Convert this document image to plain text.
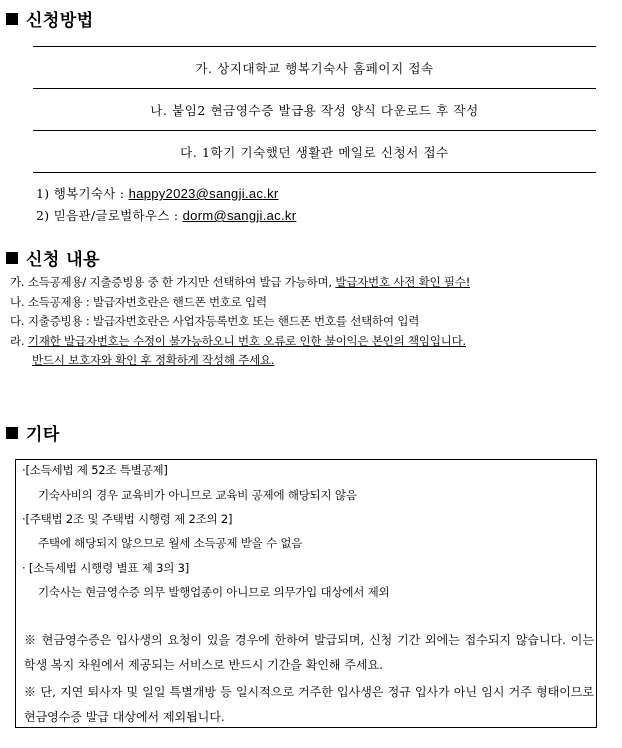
신청방법
가. 상지대학교 행복기숙사 홈페이지 접속
나. 붙임2 현금영수증 발급용 작성 양식 다운로드 후 작성
다. 1학기 기숙했던 생활관 메일로 신청서 접수
1) 행복기숙사 : happy2023@sangji.ac.kr
2) 믿음관/글로벌하우스 : dorm@sangji.ac.kr
신청 내용
가. 소득공제용/ 지출증빙용 중 한 가지만 선택하여 발급 가능하며, 발급자번호 사전 확인 필수!
나. 소득공제용 : 발급자번호란은 핸드폰 번호로 입력
다. 지출증빙용 : 발급자번호란은 사업자등록번호 또는 핸드폰 번호를 선택하여 입력
라. 기재한 발급자번호는 수정이 불가능하오니 번호 오류로 인한 불이익은 본인의 책임입니다.
반드시 보호자와 확인 후 정확하게 작성해 주세요.
기타
·[소득세법 제 52조 특별공제]
기숙사비의 경우 교육비가 아니므로 교육비 공제에 해당되지 않음
·[주택법 2조 및 주택법 시행령 제 2조의 2]
주택에 해당되지 않으므로 월세 소득공제 받을 수 없음
· [소득세법 시행령 별표 제 3의 3]
기숙사는 현금영수증 의무 발행업종이 아니므로 의무가입 대상에서 제외
※ 현금영수증은 입사생의 요청이 있을 경우에 한하여 발급되며, 신청 기간 외에는 접수되지 않습니다. 이는 학생 복지 차원에서 제공되는 서비스로 반드시 기간을 확인해 주세요.
※ 단, 지연 퇴사자 및 일일 특별개방 등 일시적으로 거주한 입사생은 정규 입사가 아닌 임시 거주 형태이므로 현금영수증 발급 대상에서 제외됩니다.
